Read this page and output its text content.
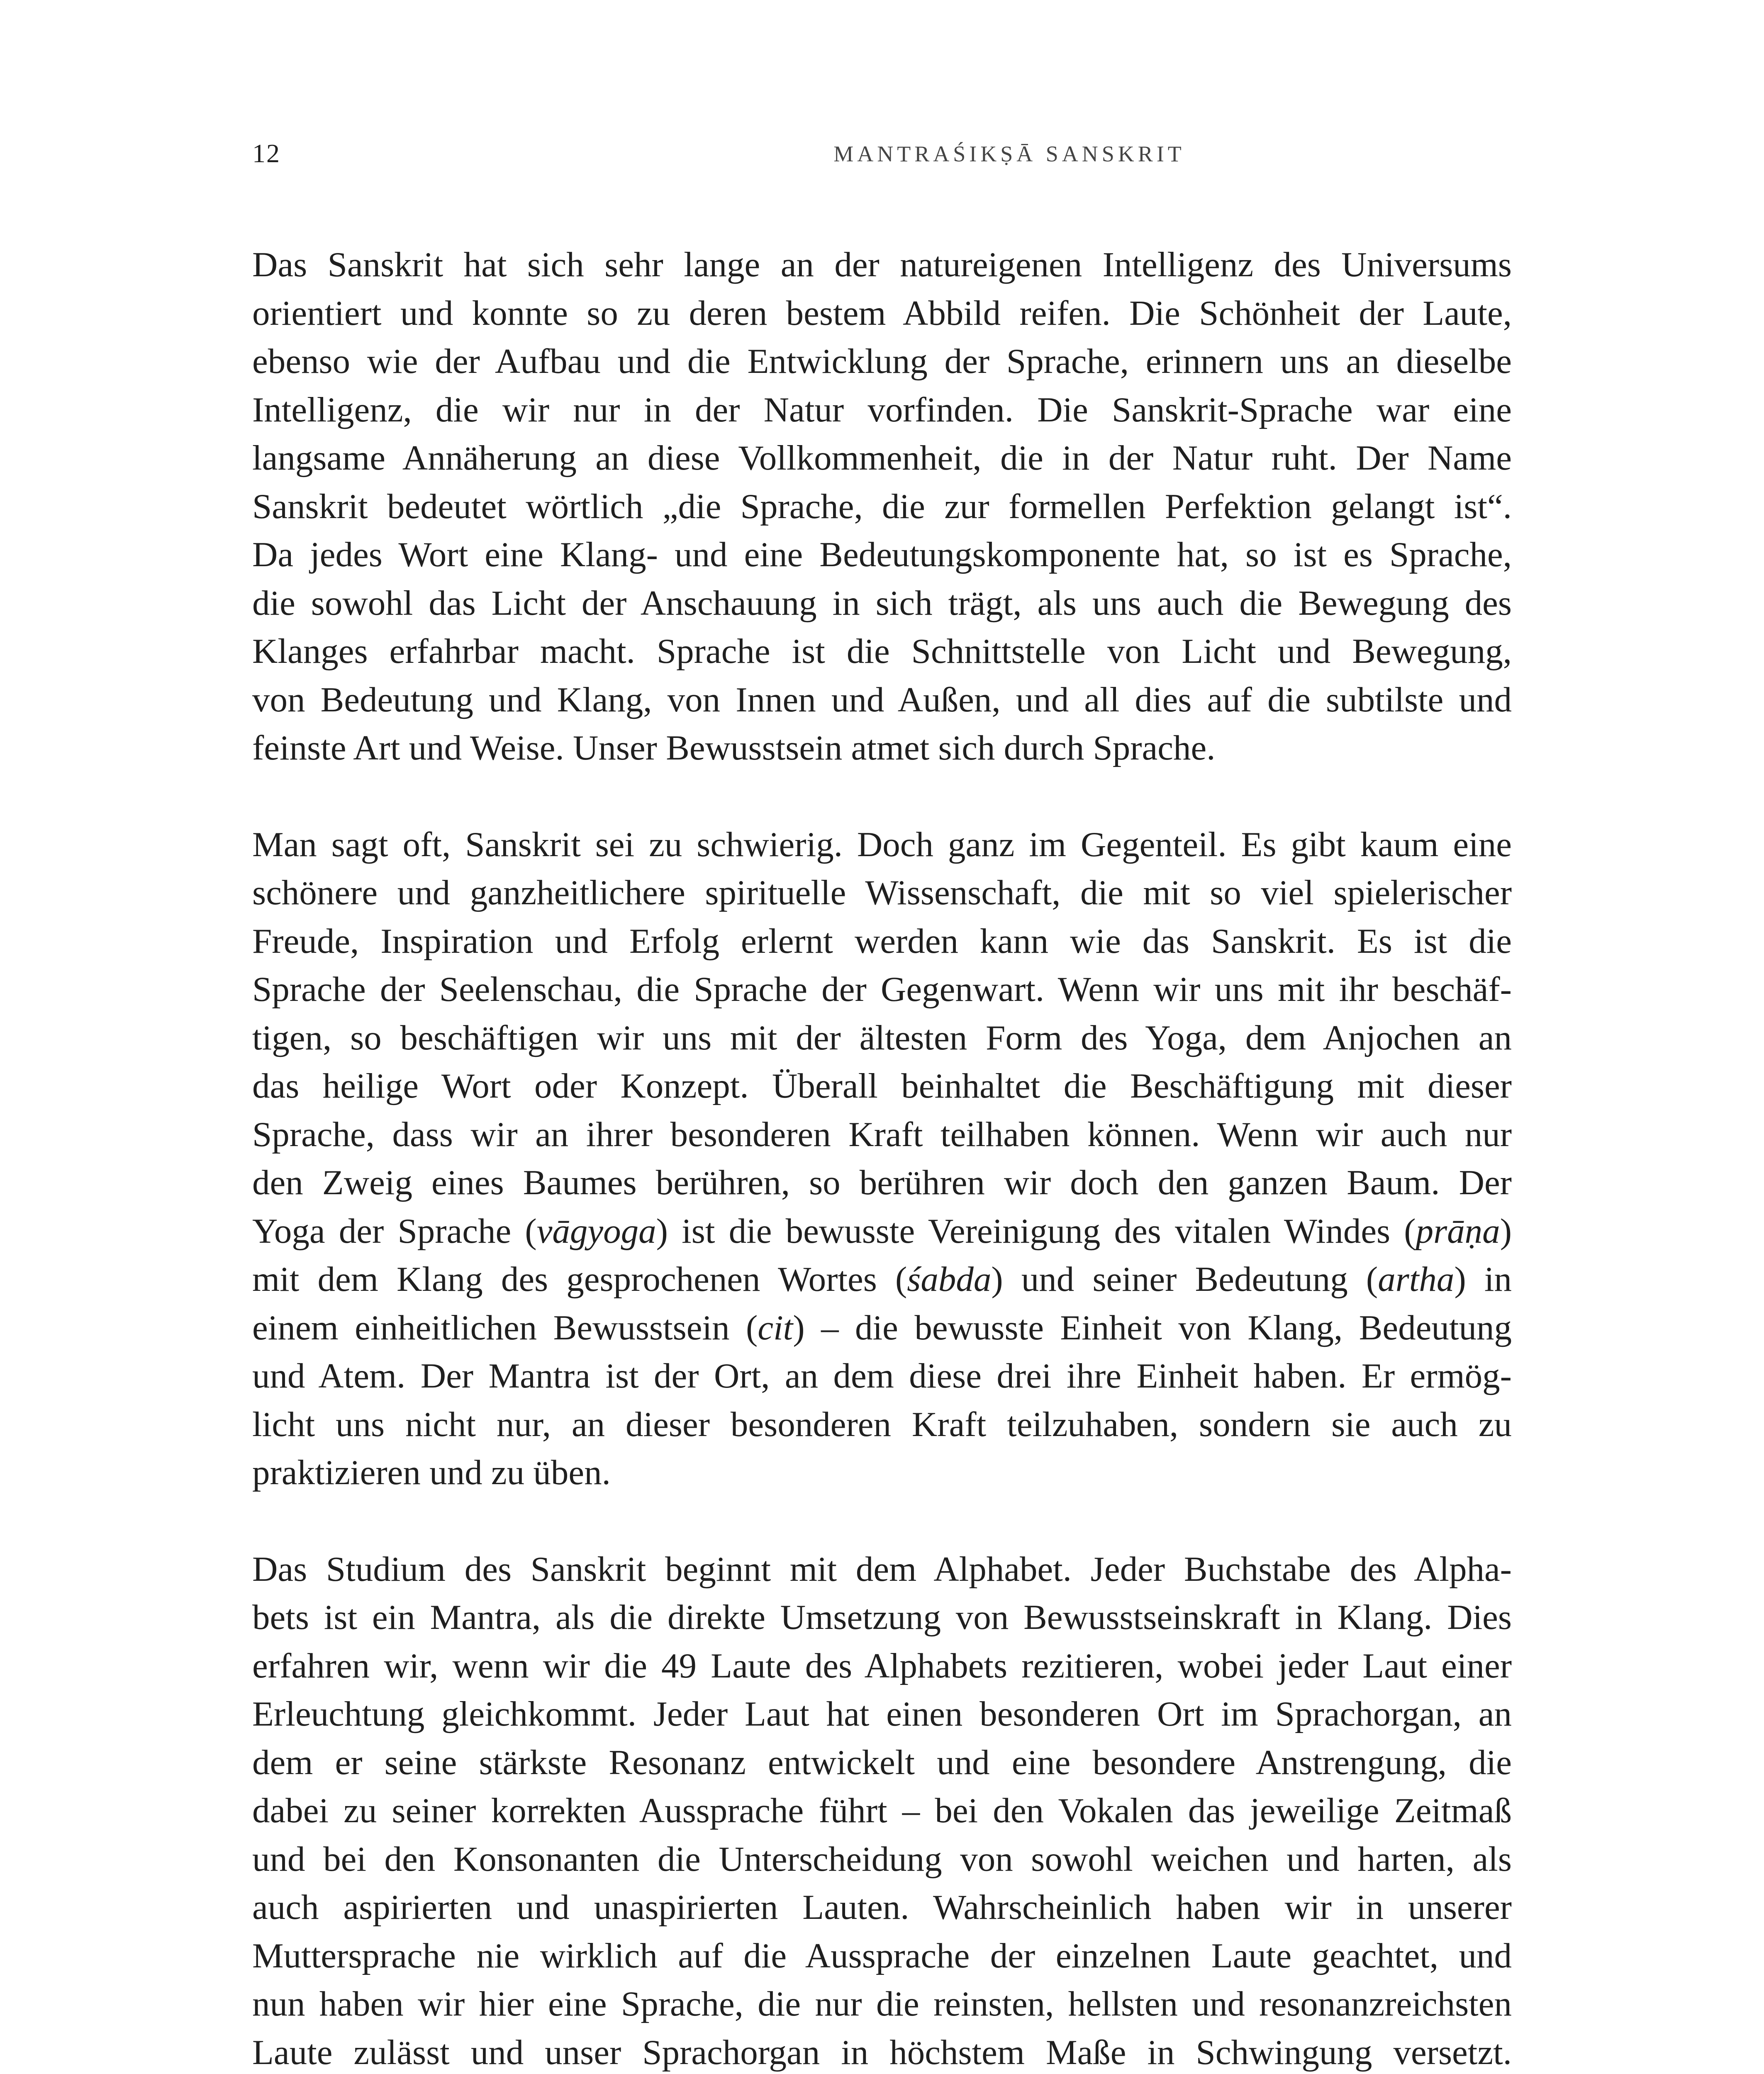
12	MANTRAŚIKṢĀ SANSKRIT

Das Sanskrit hat sich sehr lange an der natureigenen Intelligenz des Universums
orientiert und konnte so zu deren bestem Abbild reifen. Die Schönheit der Laute,
ebenso wie der Aufbau und die Entwicklung der Sprache, erinnern uns an dieselbe
Intelligenz, die wir nur in der Natur vorfinden. Die Sanskrit-Sprache war eine
langsame Annäherung an diese Vollkommenheit, die in der Natur ruht. Der Name
Sanskrit bedeutet wörtlich „die Sprache, die zur formellen Perfektion gelangt ist“.
Da jedes Wort eine Klang- und eine Bedeutungskomponente hat, so ist es Sprache,
die sowohl das Licht der Anschauung in sich trägt, als uns auch die Bewegung des
Klanges erfahrbar macht. Sprache ist die Schnittstelle von Licht und Bewegung,
von Bedeutung und Klang, von Innen und Außen, und all dies auf die subtilste und
feinste Art und Weise. Unser Bewusstsein atmet sich durch Sprache.

Man sagt oft, Sanskrit sei zu schwierig. Doch ganz im Gegenteil. Es gibt kaum eine
schönere und ganzheitlichere spirituelle Wissenschaft, die mit so viel spielerischer
Freude, Inspiration und Erfolg erlernt werden kann wie das Sanskrit. Es ist die
Sprache der Seelenschau, die Sprache der Gegenwart. Wenn wir uns mit ihr beschäf-
tigen, so beschäftigen wir uns mit der ältesten Form des Yoga, dem Anjochen an
das heilige Wort oder Konzept. Überall beinhaltet die Beschäftigung mit dieser
Sprache, dass wir an ihrer besonderen Kraft teilhaben können. Wenn wir auch nur
den Zweig eines Baumes berühren, so berühren wir doch den ganzen Baum. Der
Yoga der Sprache (vāgyoga) ist die bewusste Vereinigung des vitalen Windes (prāṇa)
mit dem Klang des gesprochenen Wortes (śabda) und seiner Bedeutung (artha) in
einem einheitlichen Bewusstsein (cit) – die bewusste Einheit von Klang, Bedeutung
und Atem. Der Mantra ist der Ort, an dem diese drei ihre Einheit haben. Er ermög-
licht uns nicht nur, an dieser besonderen Kraft teilzuhaben, sondern sie auch zu
praktizieren und zu üben.

Das Studium des Sanskrit beginnt mit dem Alphabet. Jeder Buchstabe des Alpha-
bets ist ein Mantra, als die direkte Umsetzung von Bewusstseinskraft in Klang. Dies
erfahren wir, wenn wir die 49 Laute des Alphabets rezitieren, wobei jeder Laut einer
Erleuchtung gleichkommt. Jeder Laut hat einen besonderen Ort im Sprachorgan, an
dem er seine stärkste Resonanz entwickelt und eine besondere Anstrengung, die
dabei zu seiner korrekten Aussprache führt – bei den Vokalen das jeweilige Zeitmaß
und bei den Konsonanten die Unterscheidung von sowohl weichen und harten, als
auch aspirierten und unaspirierten Lauten. Wahrscheinlich haben wir in unserer
Muttersprache nie wirklich auf die Aussprache der einzelnen Laute geachtet, und
nun haben wir hier eine Sprache, die nur die reinsten, hellsten und resonanzreichsten
Laute zulässt und unser Sprachorgan in höchstem Maße in Schwingung versetzt.
